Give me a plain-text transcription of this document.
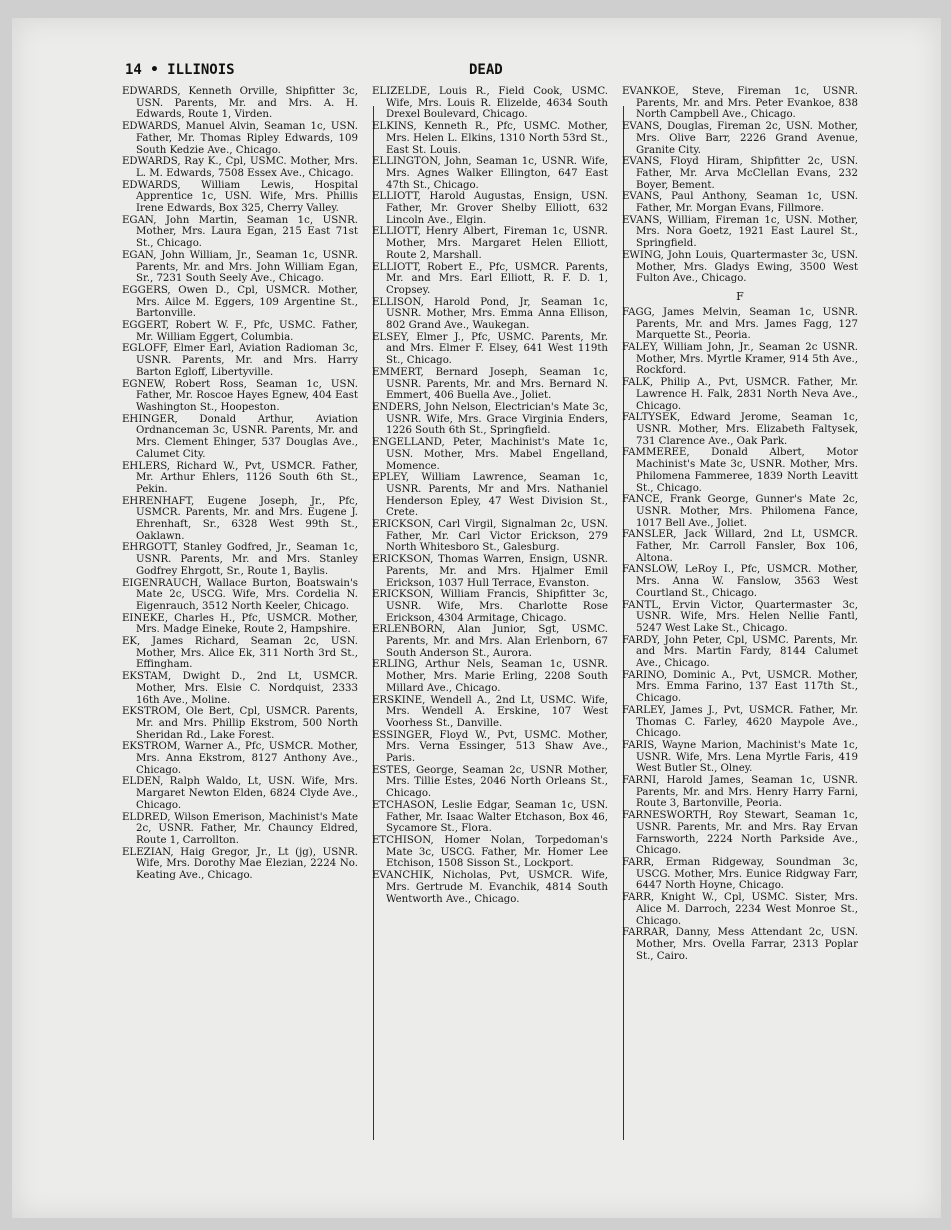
14 • ILLINOIS	DEAD

EDWARDS, Kenneth Orville, Shipfitter 3c, USN. Parents, Mr. and Mrs. A. H. Edwards, Route 1, Virden.

EDWARDS, Manuel Alvin, Seaman 1c, USN. Father, Mr. Thomas Ripley Edwards, 109 South Kedzie Ave., Chicago.

EDWARDS, Ray K., Cpl, USMC. Mother, Mrs. L. M. Edwards, 7508 Essex Ave., Chicago.

EDWARDS, William Lewis, Hospital Apprentice 1c, USN. Wife, Mrs. Phillis Irene Edwards, Box 325, Cherry Valley.

EGAN, John Martin, Seaman 1c, USNR. Mother, Mrs. Laura Egan, 215 East 71st St., Chicago.

EGAN, John William, Jr., Seaman 1c, USNR. Parents, Mr. and Mrs. John William Egan, Sr., 7231 South Seely Ave., Chicago.

EGGERS, Owen D., Cpl, USMCR. Mother, Mrs. Ailce M. Eggers, 109 Argentine St., Bartonville.

EGGERT, Robert W. F., Pfc, USMC. Father, Mr. William Eggert, Columbia.

EGLOFF, Elmer Earl, Aviation Radioman 3c, USNR. Parents, Mr. and Mrs. Harry Barton Egloff, Libertyville.

EGNEW, Robert Ross, Seaman 1c, USN. Father, Mr. Roscoe Hayes Egnew, 404 East Washington St., Hoopeston.

EHINGER, Donald Arthur, Aviation Ordnanceman 3c, USNR. Parents, Mr. and Mrs. Clement Ehinger, 537 Douglas Ave., Calumet City.

EHLERS, Richard W., Pvt, USMCR. Father, Mr. Arthur Ehlers, 1126 South 6th St., Pekin.

EHRENHAFT, Eugene Joseph, Jr., Pfc, USMCR. Parents, Mr. and Mrs. Eugene J. Ehrenhaft, Sr., 6328 West 99th St., Oaklawn.

EHRGOTT, Stanley Godfred, Jr., Seaman 1c, USNR. Parents, Mr. and Mrs. Stanley Godfrey Ehrgott, Sr., Route 1, Baylis.

EIGENRAUCH, Wallace Burton, Boatswain's Mate 2c, USCG. Wife, Mrs. Cordelia N. Eigenrauch, 3512 North Keeler, Chicago.

EINEKE, Charles H., Pfc, USMCR. Mother, Mrs. Madge Eineke, Route 2, Hampshire.

EK, James Richard, Seaman 2c, USN. Mother, Mrs. Alice Ek, 311 North 3rd St., Effingham.

EKSTAM, Dwight D., 2nd Lt, USMCR. Mother, Mrs. Elsie C. Nordquist, 2333 16th Ave., Moline.

EKSTROM, Ole Bert, Cpl, USMCR. Parents, Mr. and Mrs. Phillip Ekstrom, 500 North Sheridan Rd., Lake Forest.

EKSTROM, Warner A., Pfc, USMCR. Mother, Mrs. Anna Ekstrom, 8127 Anthony Ave., Chicago.

ELDEN, Ralph Waldo, Lt, USN. Wife, Mrs. Margaret Newton Elden, 6824 Clyde Ave., Chicago.

ELDRED, Wilson Emerison, Machinist's Mate 2c, USNR. Father, Mr. Chauncy Eldred, Route 1, Carrollton.

ELEZIAN, Haig Gregor, Jr., Lt (jg), USNR. Wife, Mrs. Dorothy Mae Elezian, 2224 No. Keating Ave., Chicago.

ELIZELDE, Louis R., Field Cook, USMC. Wife, Mrs. Louis R. Elizelde, 4634 South Drexel Boulevard, Chicago.

ELKINS, Kenneth R., Pfc, USMC. Mother, Mrs. Helen L. Elkins, 1310 North 53rd St., East St. Louis.

ELLINGTON, John, Seaman 1c, USNR. Wife, Mrs. Agnes Walker Ellington, 647 East 47th St., Chicago.

ELLIOTT, Harold Augustas, Ensign, USN. Father, Mr. Grover Shelby Elliott, 632 Lincoln Ave., Elgin.

ELLIOTT, Henry Albert, Fireman 1c, USNR. Mother, Mrs. Margaret Helen Elliott, Route 2, Marshall.

ELLIOTT, Robert E., Pfc, USMCR. Parents, Mr. and Mrs. Earl Elliott, R. F. D. 1, Cropsey.

ELLISON, Harold Pond, Jr, Seaman 1c, USNR. Mother, Mrs. Emma Anna Ellison, 802 Grand Ave., Waukegan.

ELSEY, Elmer J., Pfc, USMC. Parents, Mr. and Mrs. Elmer F. Elsey, 641 West 119th St., Chicago.

EMMERT, Bernard Joseph, Seaman 1c, USNR. Parents, Mr. and Mrs. Bernard N. Emmert, 406 Buella Ave., Joliet.

ENDERS, John Nelson, Electrician's Mate 3c, USNR. Wife, Mrs. Grace Virginia Enders, 1226 South 6th St., Springfield.

ENGELLAND, Peter, Machinist's Mate 1c, USN. Mother, Mrs. Mabel Engelland, Momence.

EPLEY, William Lawrence, Seaman 1c, USNR. Parents, Mr and Mrs. Nathaniel Henderson Epley, 47 West Division St., Crete.

ERICKSON, Carl Virgil, Signalman 2c, USN. Father, Mr. Carl Victor Erickson, 279 North Whitesboro St., Galesburg.

ERICKSON, Thomas Warren, Ensign, USNR. Parents, Mr. and Mrs. Hjalmer Emil Erickson, 1037 Hull Terrace, Evanston.

ERICKSON, William Francis, Shipfitter 3c, USNR. Wife, Mrs. Charlotte Rose Erickson, 4304 Armitage, Chicago.

ERLENBORN, Alan Junior, Sgt, USMC. Parents, Mr. and Mrs. Alan Erlenborn, 67 South Anderson St., Aurora.

ERLING, Arthur Nels, Seaman 1c, USNR. Mother, Mrs. Marie Erling, 2208 South Millard Ave., Chicago.

ERSKINE, Wendell A., 2nd Lt, USMC. Wife, Mrs. Wendell A. Erskine, 107 West Voorhess St., Danville.

ESSINGER, Floyd W., Pvt, USMC. Mother, Mrs. Verna Essinger, 513 Shaw Ave., Paris.

ESTES, George, Seaman 2c, USNR Mother, Mrs. Tillie Estes, 2046 North Orleans St., Chicago.

ETCHASON, Leslie Edgar, Seaman 1c, USN. Father, Mr. Isaac Walter Etchason, Box 46, Sycamore St., Flora.

ETCHISON, Homer Nolan, Torpedoman's Mate 3c, USCG. Father, Mr. Homer Lee Etchison, 1508 Sisson St., Lockport.

EVANCHIK, Nicholas, Pvt, USMCR. Wife, Mrs. Gertrude M. Evanchik, 4814 South Wentworth Ave., Chicago.

EVANKOE, Steve, Fireman 1c, USNR. Parents, Mr. and Mrs. Peter Evankoe, 838 North Campbell Ave., Chicago.

EVANS, Douglas, Fireman 2c, USN. Mother, Mrs. Olive Barr, 2226 Grand Avenue, Granite City.

EVANS, Floyd Hiram, Shipfitter 2c, USN. Father, Mr. Arva McClellan Evans, 232 Boyer, Bement.

EVANS, Paul Anthony, Seaman 1c, USN. Father, Mr. Morgan Evans, Fillmore.

EVANS, William, Fireman 1c, USN. Mother, Mrs. Nora Goetz, 1921 East Laurel St., Springfield.

EWING, John Louis, Quartermaster 3c, USN. Mother, Mrs. Gladys Ewing, 3500 West Fulton Ave., Chicago.

F

FAGG, James Melvin, Seaman 1c, USNR. Parents, Mr. and Mrs. James Fagg, 127 Marquette St., Peoria.

FALEY, William John, Jr., Seaman 2c USNR. Mother, Mrs. Myrtle Kramer, 914 5th Ave., Rockford.

FALK, Philip A., Pvt, USMCR. Father, Mr. Lawrence H. Falk, 2831 North Neva Ave., Chicago.

FALTYSEK, Edward Jerome, Seaman 1c, USNR. Mother, Mrs. Elizabeth Faltysek, 731 Clarence Ave., Oak Park.

FAMMEREE, Donald Albert, Motor Machinist's Mate 3c, USNR. Mother, Mrs. Philomena Fammeree, 1839 North Leavitt St., Chicago.

FANCE, Frank George, Gunner's Mate 2c, USNR. Mother, Mrs. Philomena Fance, 1017 Bell Ave., Joliet.

FANSLER, Jack Willard, 2nd Lt, USMCR. Father, Mr. Carroll Fansler, Box 106, Altona.

FANSLOW, LeRoy I., Pfc, USMCR. Mother, Mrs. Anna W. Fanslow, 3563 West Courtland St., Chicago.

FANTL, Ervin Victor, Quartermaster 3c, USNR. Wife, Mrs. Helen Nellie Fantl, 5247 West Lake St., Chicago.

FARDY, John Peter, Cpl, USMC. Parents, Mr. and Mrs. Martin Fardy, 8144 Calumet Ave., Chicago.

FARINO, Dominic A., Pvt, USMCR. Mother, Mrs. Emma Farino, 137 East 117th St., Chicago.

FARLEY, James J., Pvt, USMCR. Father, Mr. Thomas C. Farley, 4620 Maypole Ave., Chicago.

FARIS, Wayne Marion, Machinist's Mate 1c, USNR. Wife, Mrs. Lena Myrtle Faris, 419 West Butler St., Olney.

FARNI, Harold James, Seaman 1c, USNR. Parents, Mr. and Mrs. Henry Harry Farni, Route 3, Bartonville, Peoria.

FARNESWORTH, Roy Stewart, Seaman 1c, USNR. Parents, Mr. and Mrs. Ray Ervan Farnsworth, 2224 North Parkside Ave., Chicago.

FARR, Erman Ridgeway, Soundman 3c, USCG. Mother, Mrs. Eunice Ridgway Farr, 6447 North Hoyne, Chicago.

FARR, Knight W., Cpl, USMC. Sister, Mrs. Alice M. Darroch, 2234 West Monroe St., Chicago.

FARRAR, Danny, Mess Attendant 2c, USN. Mother, Mrs. Ovella Farrar, 2313 Poplar St., Cairo.
